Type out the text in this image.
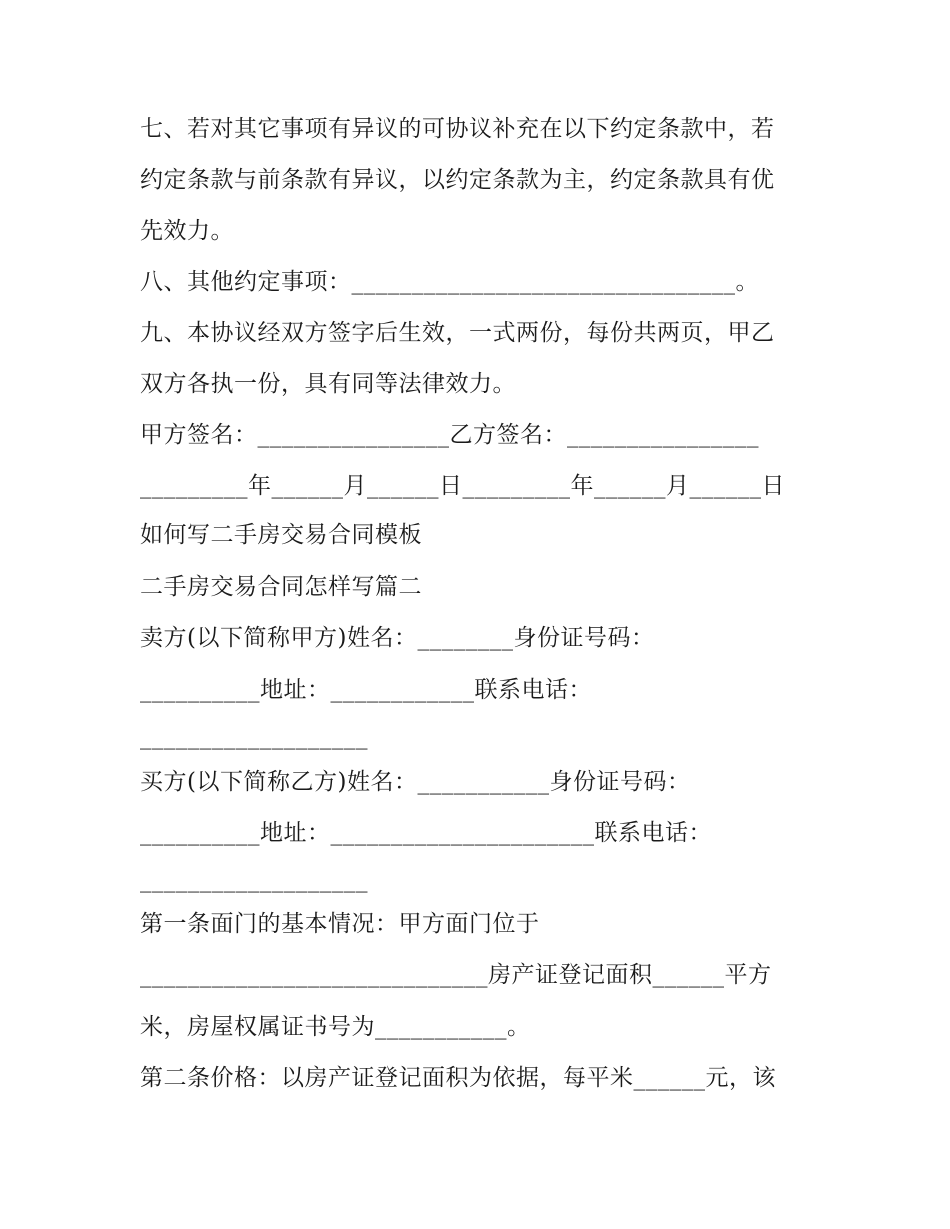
七、若对其它事项有异议的可协议补充在以下约定条款中，若
约定条款与前条款有异议，以约定条款为主，约定条款具有优
先效力。
八、其他约定事项：________________________________。
九、本协议经双方签字后生效，一式两份，每份共两页，甲乙
双方各执一份，具有同等法律效力。
甲方签名：________________乙方签名：________________
_________年______月______日_________年______月______日
如何写二手房交易合同模板
二手房交易合同怎样写篇二
卖方(以下简称甲方)姓名：________身份证号码：
__________地址：____________联系电话：
___________________
买方(以下简称乙方)姓名：___________身份证号码：
__________地址：______________________联系电话：
___________________
第一条面门的基本情况：甲方面门位于
_____________________________房产证登记面积______平方
米，房屋权属证书号为___________。
第二条价格：以房产证登记面积为依据，每平米______元，该
